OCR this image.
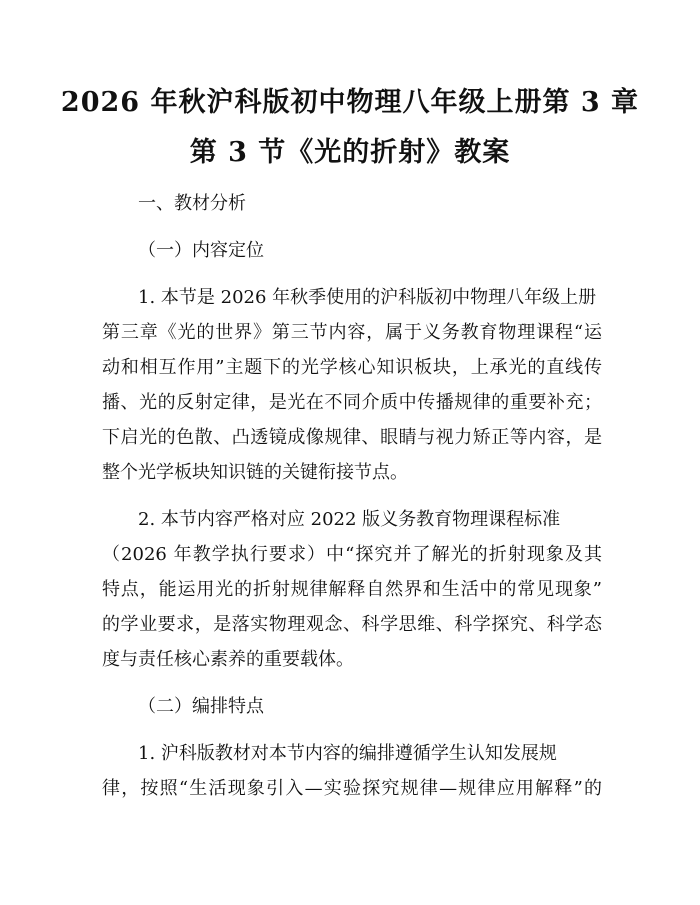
2026 年秋沪科版初中物理八年级上册第 3 章
第 3 节《光的折射》教案
一、教材分析
（一）内容定位
1. 本节是 2026 年秋季使用的沪科版初中物理八年级上册
第三章《光的世界》第三节内容，属于义务教育物理课程“运
动和相互作用”主题下的光学核心知识板块，上承光的直线传
播、光的反射定律，是光在不同介质中传播规律的重要补充；
下启光的色散、凸透镜成像规律、眼睛与视力矫正等内容，是
整个光学板块知识链的关键衔接节点。
2. 本节内容严格对应 2022 版义务教育物理课程标准
（2026 年教学执行要求）中“探究并了解光的折射现象及其
特点，能运用光的折射规律解释自然界和生活中的常见现象”
的学业要求，是落实物理观念、科学思维、科学探究、科学态
度与责任核心素养的重要载体。
（二）编排特点
1. 沪科版教材对本节内容的编排遵循学生认知发展规
律，按照“生活现象引入—实验探究规律—规律应用解释”的
